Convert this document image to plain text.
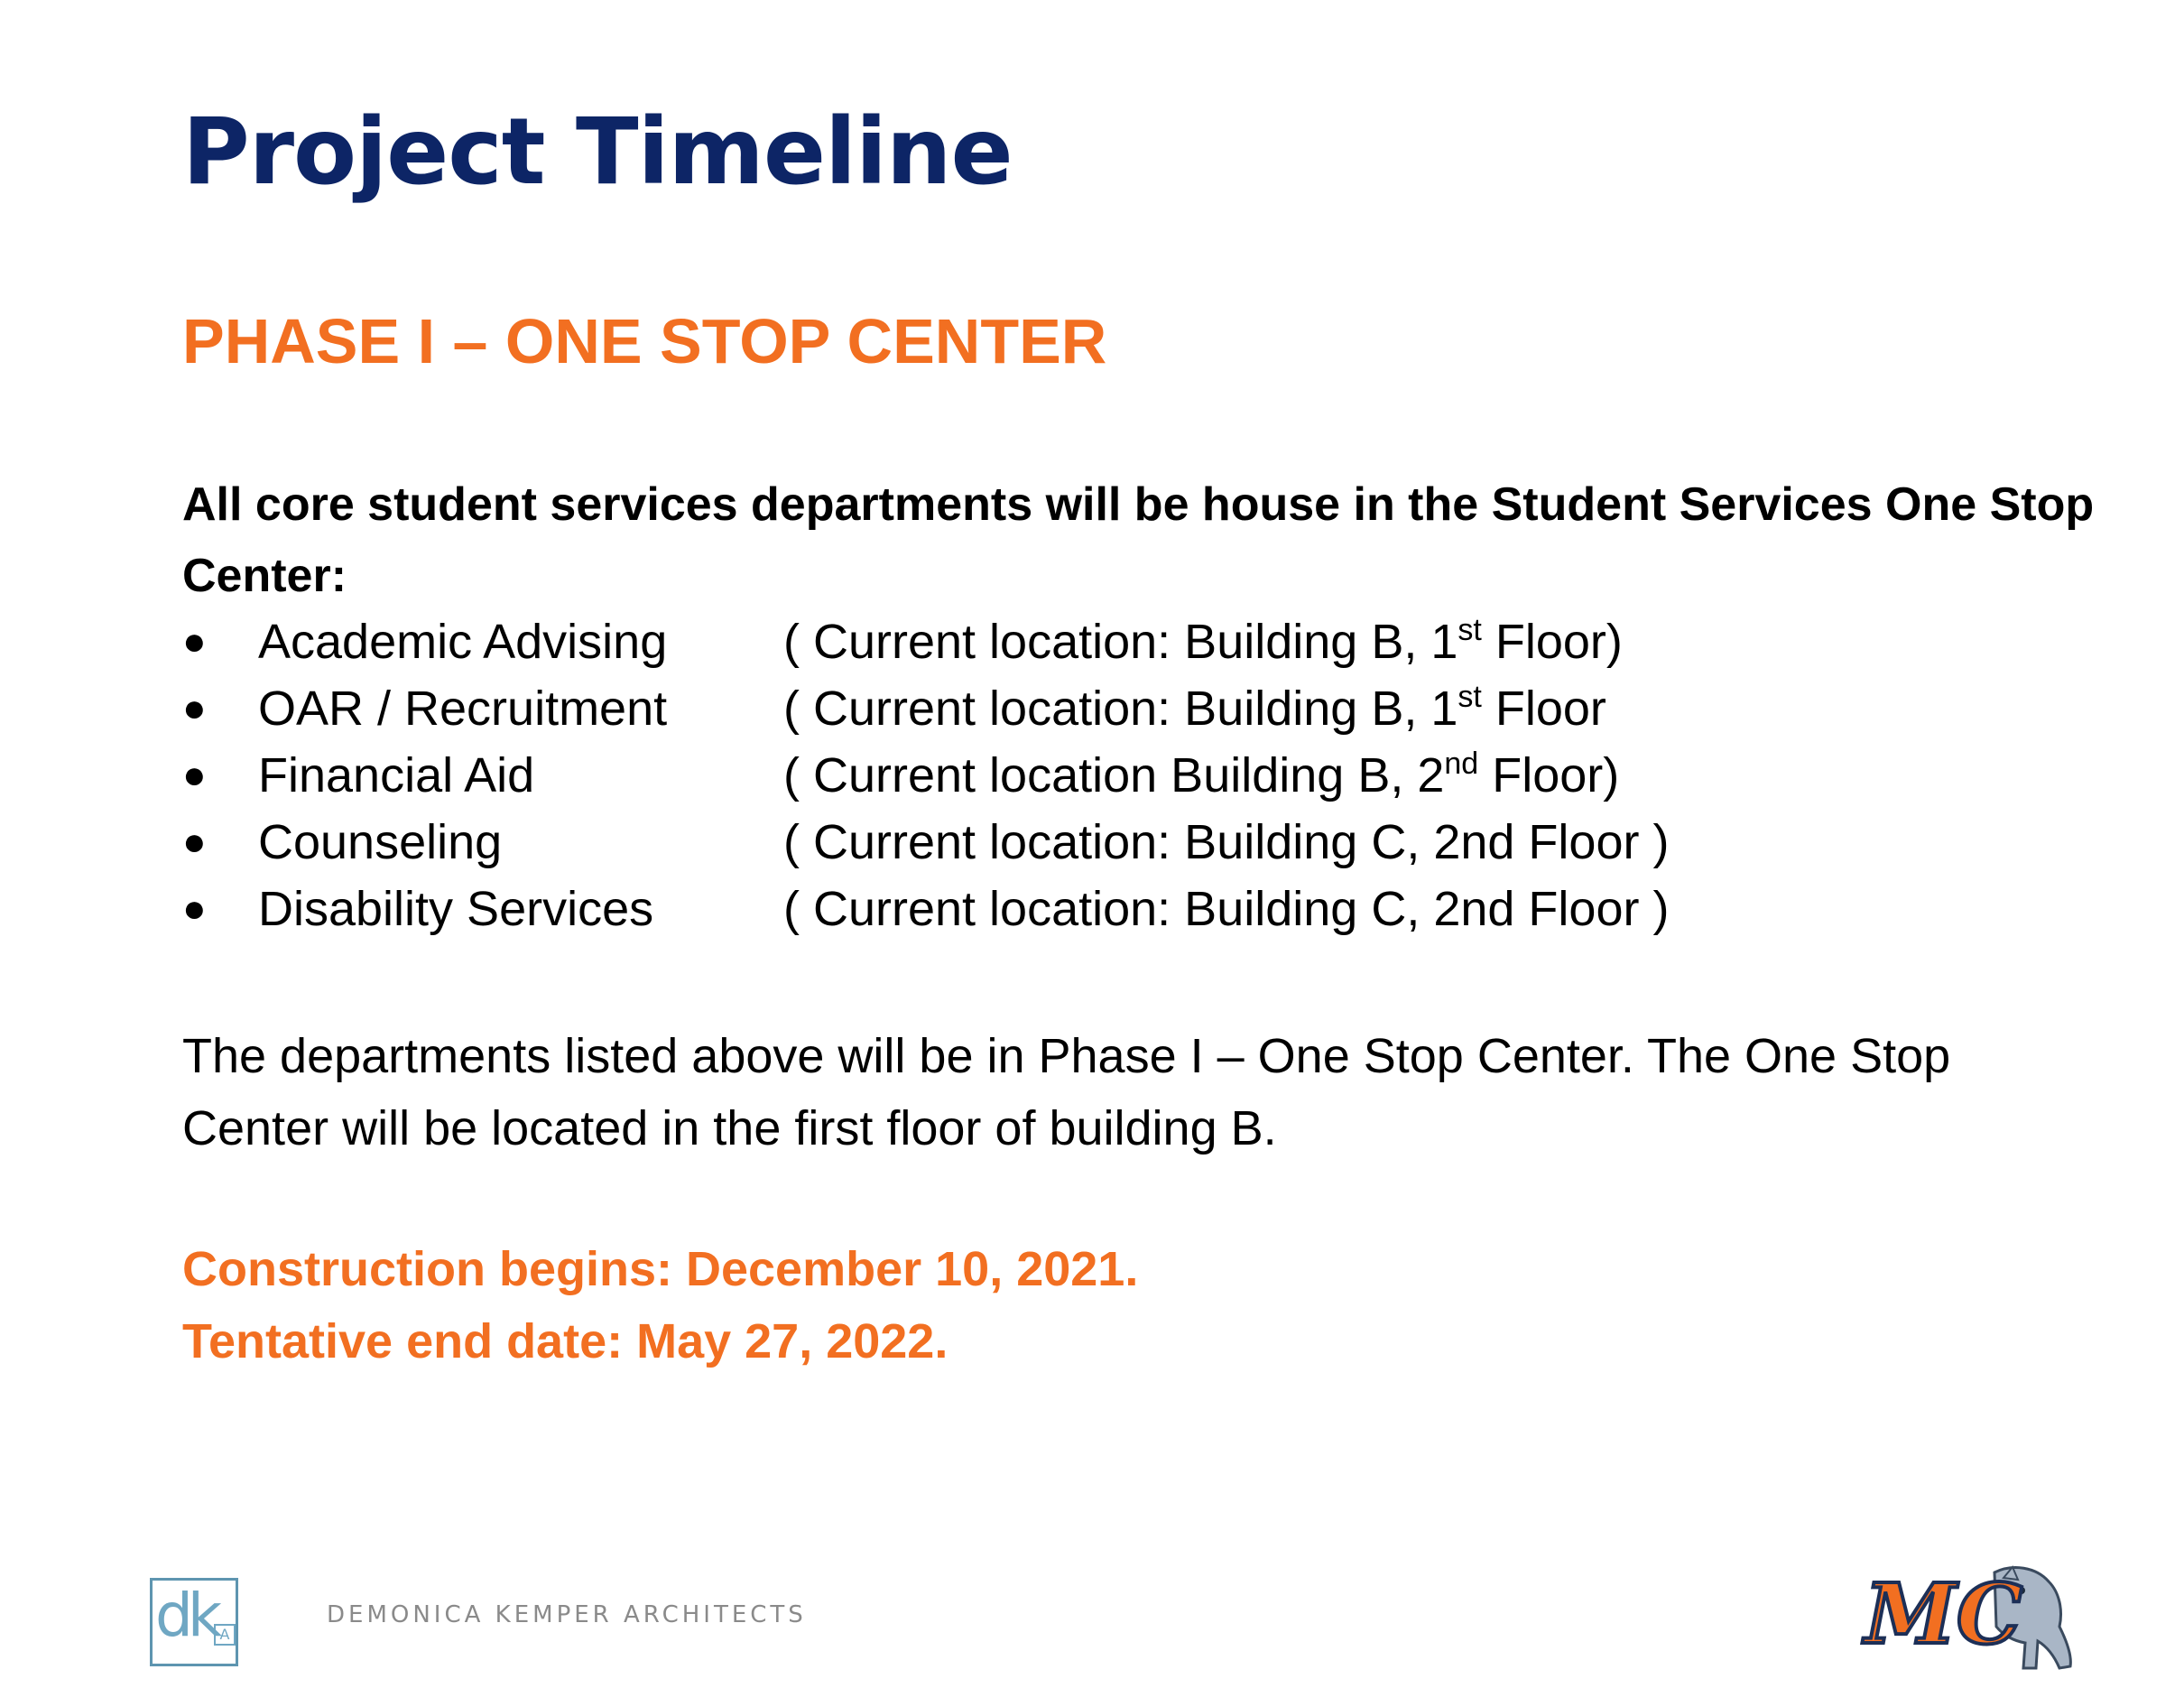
Project Timeline
PHASE I – ONE STOP CENTER

All core student services departments will be house in the Student Services One Stop Center:

● Academic Advising ( Current location: Building B, 1st Floor)
● OAR / Recruitment ( Current location: Building B, 1st Floor
● Financial Aid	( Current location Building B, 2nd Floor)
● Counseling	( Current location: Building C, 2nd Floor )
● Disability Services	( Current location: Building C, 2nd Floor )

The departments listed above will be in Phase I – One Stop Center. The One Stop Center will be located in the first floor of building B.

Construction begins: December 10, 2021.
Tentative end date: May 27, 2022.

dk A

DEMONICA KEMPER ARCHITECTS	MC
